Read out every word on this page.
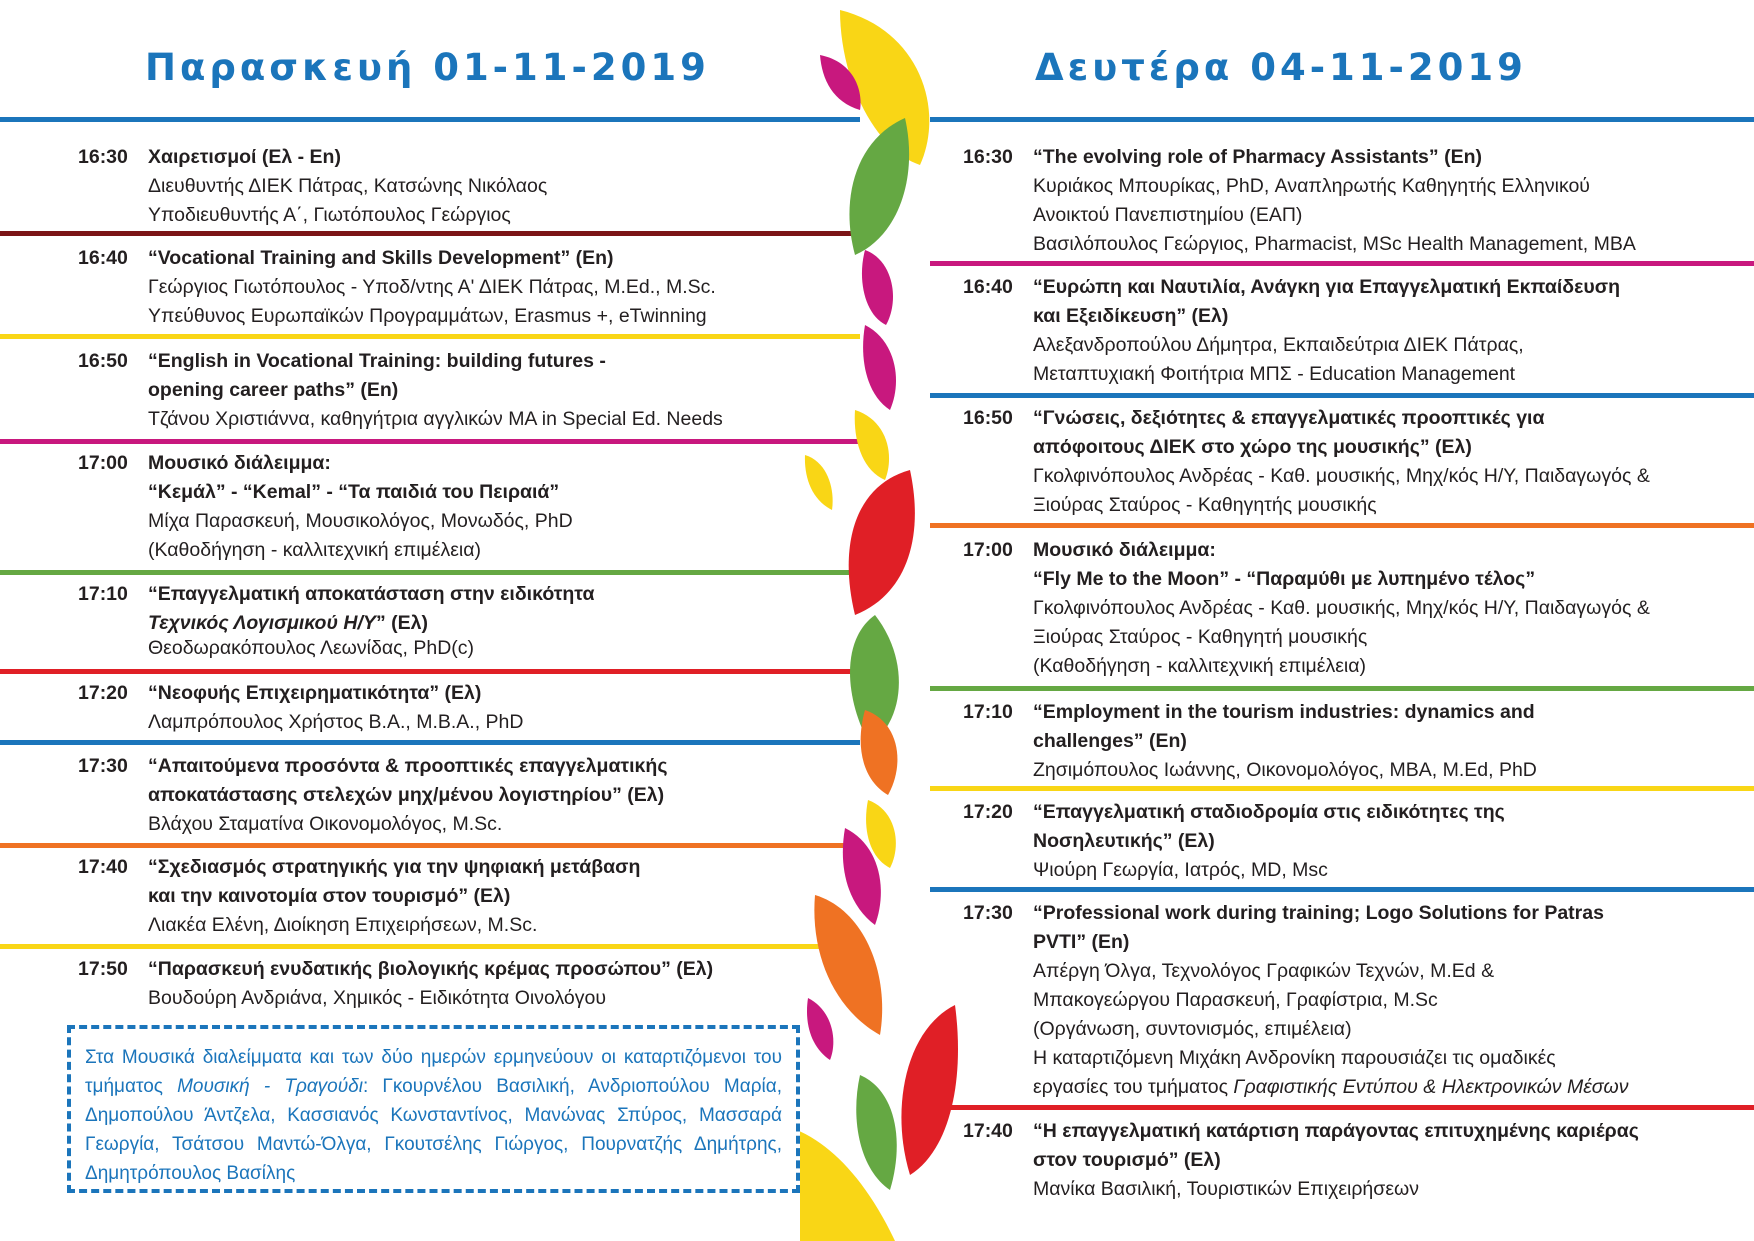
Παρασκευή 01-11-2019	Δευτέρα 04-11-2019
16:30 Χαιρετισμοί (Ελ - En)
Διευθυντής ΔΙΕΚ Πάτρας, Κατσώνης Νικόλαος
Υποδιευθυντής Α΄, Γιωτόπουλος Γεώργιος
16:40 “Vocational Training and Skills Development” (En)
Γεώργιος Γιωτόπουλος - Υποδ/ντης Α' ΔΙΕΚ Πάτρας, M.Ed., M.Sc.
Υπεύθυνος Ευρωπαϊκών Προγραμμάτων, Erasmus +, eTwinning
16:50 “English in Vocational Training: building futures -
opening career paths” (En)
Τζάνου Χριστιάννα, καθηγήτρια αγγλικών MA in Special Ed. Needs
17:00 Μουσικό διάλειμμα:
“Κεμάλ” - “Kemal” - “Τα παιδιά του Πειραιά”
Μίχα Παρασκευή, Μουσικολόγος, Μονωδός, PhD
(Καθοδήγηση - καλλιτεχνική επιμέλεια)
17:10 “Επαγγελματική αποκατάσταση στην ειδικότητα
Τεχνικός Λογισμικού Η/Υ” (Ελ)
Θεοδωρακόπουλος Λεωνίδας, PhD(c)
17:20 “Νεοφυής Επιχειρηματικότητα” (Ελ)
Λαμπρόπουλος Χρήστος B.A., M.B.A., PhD
17:30 “Απαιτούμενα προσόντα & προοπτικές επαγγελματικής
αποκατάστασης στελεχών μηχ/μένου λογιστηρίου” (Ελ)
Βλάχου Σταματίνα Οικονομολόγος, M.Sc.
17:40 “Σχεδιασμός στρατηγικής για την ψηφιακή μετάβαση
και την καινοτομία στον τουρισμό” (Ελ)
Λιακέα Ελένη, Διοίκηση Επιχειρήσεων, M.Sc.
17:50 “Παρασκευή ενυδατικής βιολογικής κρέμας προσώπου” (Ελ)
Βουδούρη Ανδριάνα, Χημικός - Ειδικότητα Οινολόγου
16:30 “The evolving role of Pharmacy Assistants” (En)
Κυριάκος Μπουρίκας, PhD, Αναπληρωτής Καθηγητής Ελληνικού
Ανοικτού Πανεπιστημίου (ΕΑΠ)
Βασιλόπουλος Γεώργιος, Pharmacist, MSc Health Management, MBA
16:40 “Ευρώπη και Ναυτιλία, Ανάγκη για Επαγγελματική Εκπαίδευση
και Εξειδίκευση” (Ελ)
Αλεξανδροπούλου Δήμητρα, Εκπαιδεύτρια ΔΙΕΚ Πάτρας,
Μεταπτυχιακή Φοιτήτρια ΜΠΣ - Education Management
16:50 “Γνώσεις, δεξιότητες & επαγγελματικές προοπτικές για
απόφοιτους ΔΙΕΚ στο χώρο της μουσικής” (Ελ)
Γκολφινόπουλος Ανδρέας - Καθ. μουσικής, Μηχ/κός Η/Υ, Παιδαγωγός &
Ξιούρας Σταύρος - Καθηγητής μουσικής
17:00 Μουσικό διάλειμμα:
“Fly Me to the Moon” - “Παραμύθι με λυπημένο τέλος”
Γκολφινόπουλος Ανδρέας - Καθ. μουσικής, Μηχ/κός Η/Υ, Παιδαγωγός &
Ξιούρας Σταύρος - Καθηγητή μουσικής
(Καθοδήγηση - καλλιτεχνική επιμέλεια)
17:10 “Employment in the tourism industries: dynamics and
challenges” (En)
Ζησιμόπουλος Ιωάννης, Οικονομολόγος, MBA, M.Ed, PhD
17:20 “Επαγγελματική σταδιοδρομία στις ειδικότητες της
Νοσηλευτικής” (Ελ)
Ψιούρη Γεωργία, Ιατρός, MD, Msc
17:30 “Professional work during training; Logo Solutions for Patras
PVTI” (En)
Απέργη Όλγα, Τεχνολόγος Γραφικών Τεχνών, M.Ed &
Μπακογεώργου Παρασκευή, Γραφίστρια, M.Sc
(Οργάνωση, συντονισμός, επιμέλεια)
Η καταρτιζόμενη Μιχάκη Ανδρονίκη παρουσιάζει τις ομαδικές
εργασίες του τμήματος Γραφιστικής Εντύπου & Ηλεκτρονικών Μέσων
17:40 “Η επαγγελματική κατάρτιση παράγοντας επιτυχημένης καριέρας
στον τουρισμό” (Ελ)
Μανίκα Βασιλική, Τουριστικών Επιχειρήσεων
Στα Μουσικά διαλείμματα και των δύο ημερών ερμηνεύουν οι καταρτιζόμενοι του τμήματος Μουσική - Τραγούδι: Γκουρνέλου Βασιλική, Ανδριοπούλου Μαρία, Δημοπούλου Άντζελα, Κασσιανός Κωνσταντίνος, Μανώνας Σπύρος, Μασσαρά Γεωργία, Τσάτσου Μαντώ-Όλγα, Γκουτσέλης Γιώργος, Πουρνατζής Δημήτρης, Δημητρόπουλος Βασίλης
